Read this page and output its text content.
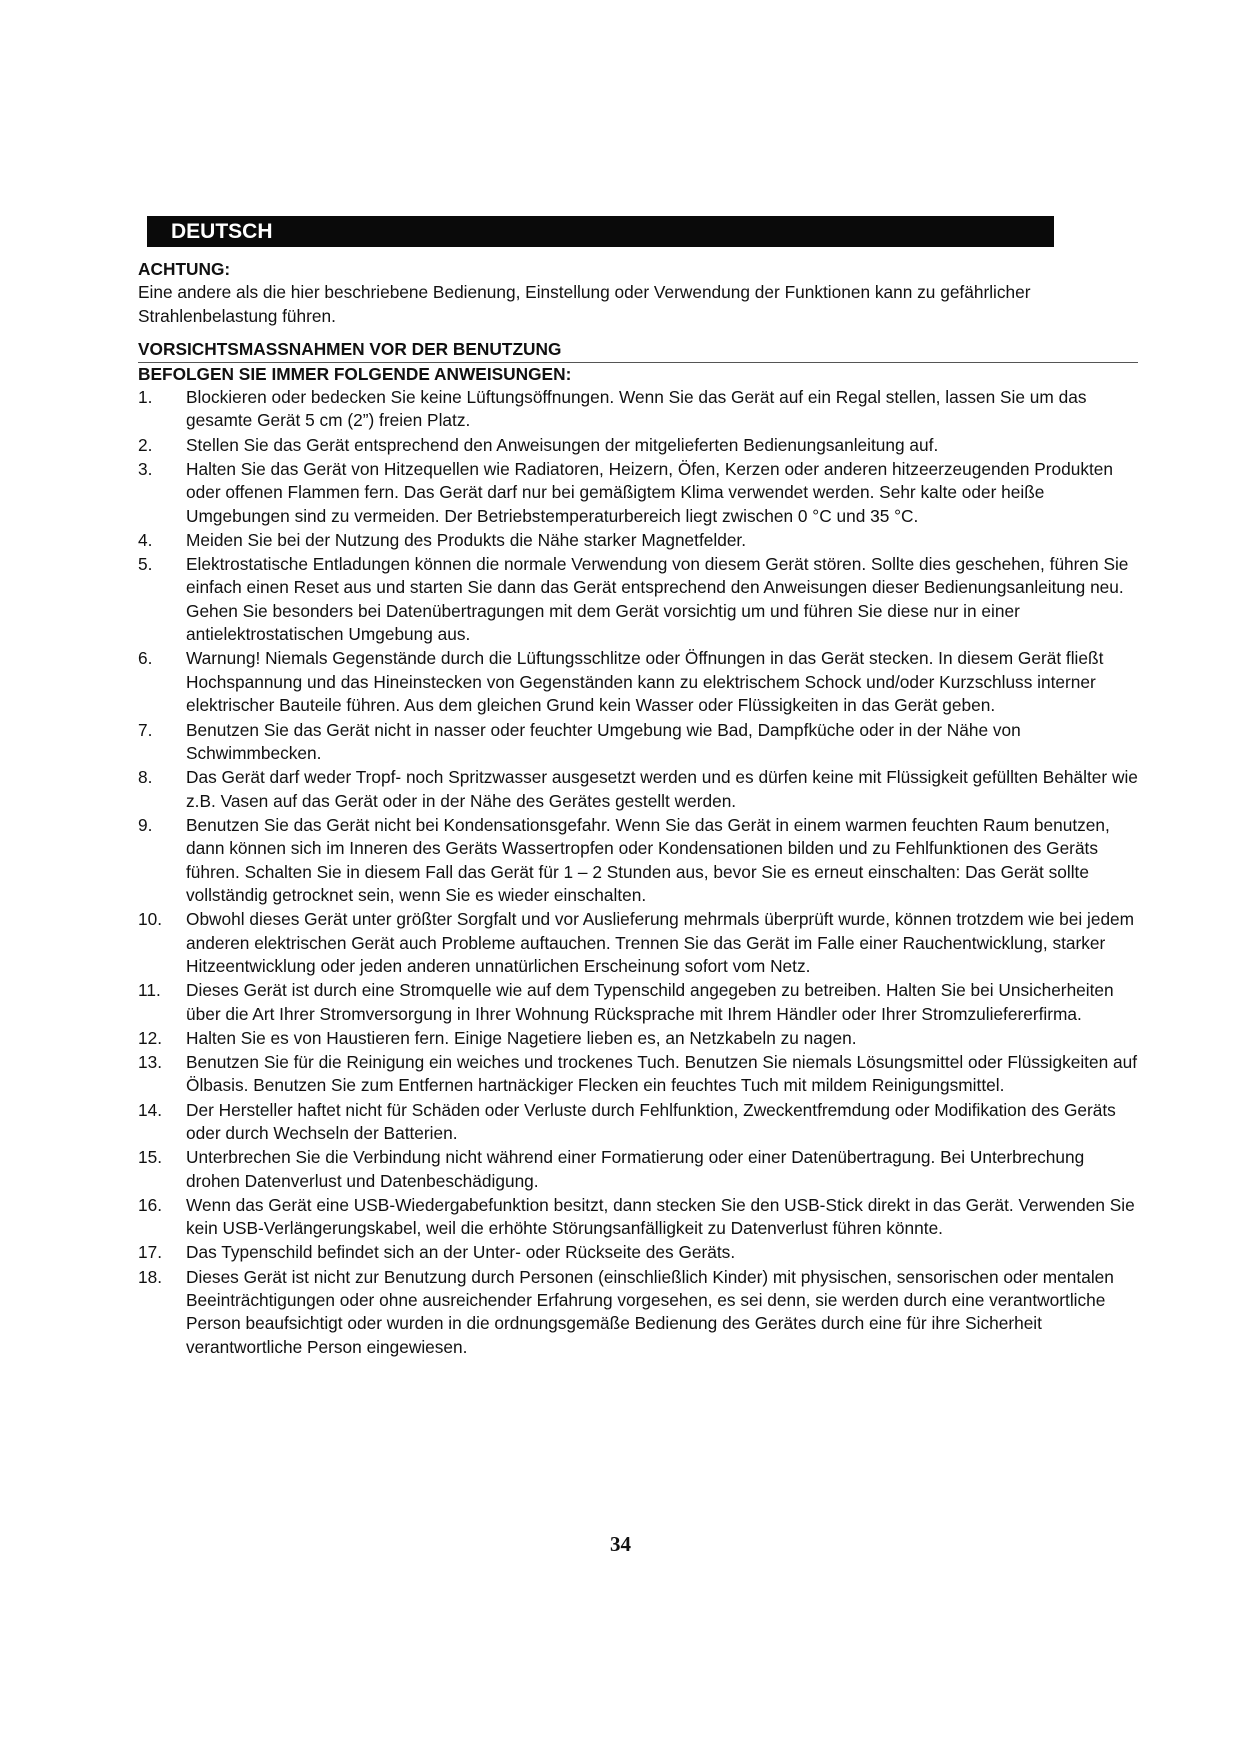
DEUTSCH
ACHTUNG:
Eine andere als die hier beschriebene Bedienung, Einstellung oder Verwendung der Funktionen kann zu gefährlicher Strahlenbelastung führen.
VORSICHTSMASSNAHMEN VOR DER BENUTZUNG
BEFOLGEN SIE IMMER FOLGENDE ANWEISUNGEN:
1.	Blockieren oder bedecken Sie keine Lüftungsöffnungen. Wenn Sie das Gerät auf ein Regal stellen, lassen Sie um das gesamte Gerät 5 cm (2”) freien Platz.
2.	Stellen Sie das Gerät entsprechend den Anweisungen der mitgelieferten Bedienungsanleitung auf.
3.	Halten Sie das Gerät von Hitzequellen wie Radiatoren, Heizern, Öfen, Kerzen oder anderen hitzeerzeugenden Produkten oder offenen Flammen fern. Das Gerät darf nur bei gemäßigtem Klima verwendet werden. Sehr kalte oder heiße Umgebungen sind zu vermeiden. Der Betriebstemperaturbereich liegt zwischen 0 °C und 35 °C.
4.	Meiden Sie bei der Nutzung des Produkts die Nähe starker Magnetfelder.
5.	Elektrostatische Entladungen können die normale Verwendung von diesem Gerät stören. Sollte dies geschehen, führen Sie einfach einen Reset aus und starten Sie dann das Gerät entsprechend den Anweisungen dieser Bedienungsanleitung neu. Gehen Sie besonders bei Datenübertragungen mit dem Gerät vorsichtig um und führen Sie diese nur in einer antielektrostatischen Umgebung aus.
6.	Warnung! Niemals Gegenstände durch die Lüftungsschlitze oder Öffnungen in das Gerät stecken. In diesem Gerät fließt Hochspannung und das Hineinstecken von Gegenständen kann zu elektrischem Schock und/oder Kurzschluss interner elektrischer Bauteile führen. Aus dem gleichen Grund kein Wasser oder Flüssigkeiten in das Gerät geben.
7.	Benutzen Sie das Gerät nicht in nasser oder feuchter Umgebung wie Bad, Dampfküche oder in der Nähe von Schwimmbecken.
8.	Das Gerät darf weder Tropf- noch Spritzwasser ausgesetzt werden und es dürfen keine mit Flüssigkeit gefüllten Behälter wie z.B. Vasen auf das Gerät oder in der Nähe des Gerätes gestellt werden.
9.	Benutzen Sie das Gerät nicht bei Kondensationsgefahr. Wenn Sie das Gerät in einem warmen feuchten Raum benutzen, dann können sich im Inneren des Geräts Wassertropfen oder Kondensationen bilden und zu Fehlfunktionen des Geräts führen. Schalten Sie in diesem Fall das Gerät für 1 – 2 Stunden aus, bevor Sie es erneut einschalten: Das Gerät sollte vollständig getrocknet sein, wenn Sie es wieder einschalten.
10.	Obwohl dieses Gerät unter größter Sorgfalt und vor Auslieferung mehrmals überprüft wurde, können trotzdem wie bei jedem anderen elektrischen Gerät auch Probleme auftauchen. Trennen Sie das Gerät im Falle einer Rauchentwicklung, starker Hitzeentwicklung oder jeden anderen unnatürlichen Erscheinung sofort vom Netz.
11.	Dieses Gerät ist durch eine Stromquelle wie auf dem Typenschild angegeben zu betreiben. Halten Sie bei Unsicherheiten über die Art Ihrer Stromversorgung in Ihrer Wohnung Rücksprache mit Ihrem Händler oder Ihrer Stromzuliefererfirma.
12.	Halten Sie es von Haustieren fern. Einige Nagetiere lieben es, an Netzkabeln zu nagen.
13.	Benutzen Sie für die Reinigung ein weiches und trockenes Tuch. Benutzen Sie niemals Lösungsmittel oder Flüssigkeiten auf Ölbasis. Benutzen Sie zum Entfernen hartnäckiger Flecken ein feuchtes Tuch mit mildem Reinigungsmittel.
14.	Der Hersteller haftet nicht für Schäden oder Verluste durch Fehlfunktion, Zweckentfremdung oder Modifikation des Geräts oder durch Wechseln der Batterien.
15.	Unterbrechen Sie die Verbindung nicht während einer Formatierung oder einer Datenübertragung. Bei Unterbrechung drohen Datenverlust und Datenbeschädigung.
16.	Wenn das Gerät eine USB-Wiedergabefunktion besitzt, dann stecken Sie den USB-Stick direkt in das Gerät. Verwenden Sie kein USB-Verlängerungskabel, weil die erhöhte Störungsanfälligkeit zu Datenverlust führen könnte.
17.	Das Typenschild befindet sich an der Unter- oder Rückseite des Geräts.
18.	Dieses Gerät ist nicht zur Benutzung durch Personen (einschließlich Kinder) mit physischen, sensorischen oder mentalen Beeinträchtigungen oder ohne ausreichender Erfahrung vorgesehen, es sei denn, sie werden durch eine verantwortliche Person beaufsichtigt oder wurden in die ordnungsgemäße Bedienung des Gerätes durch eine für ihre Sicherheit verantwortliche Person eingewiesen.
34
